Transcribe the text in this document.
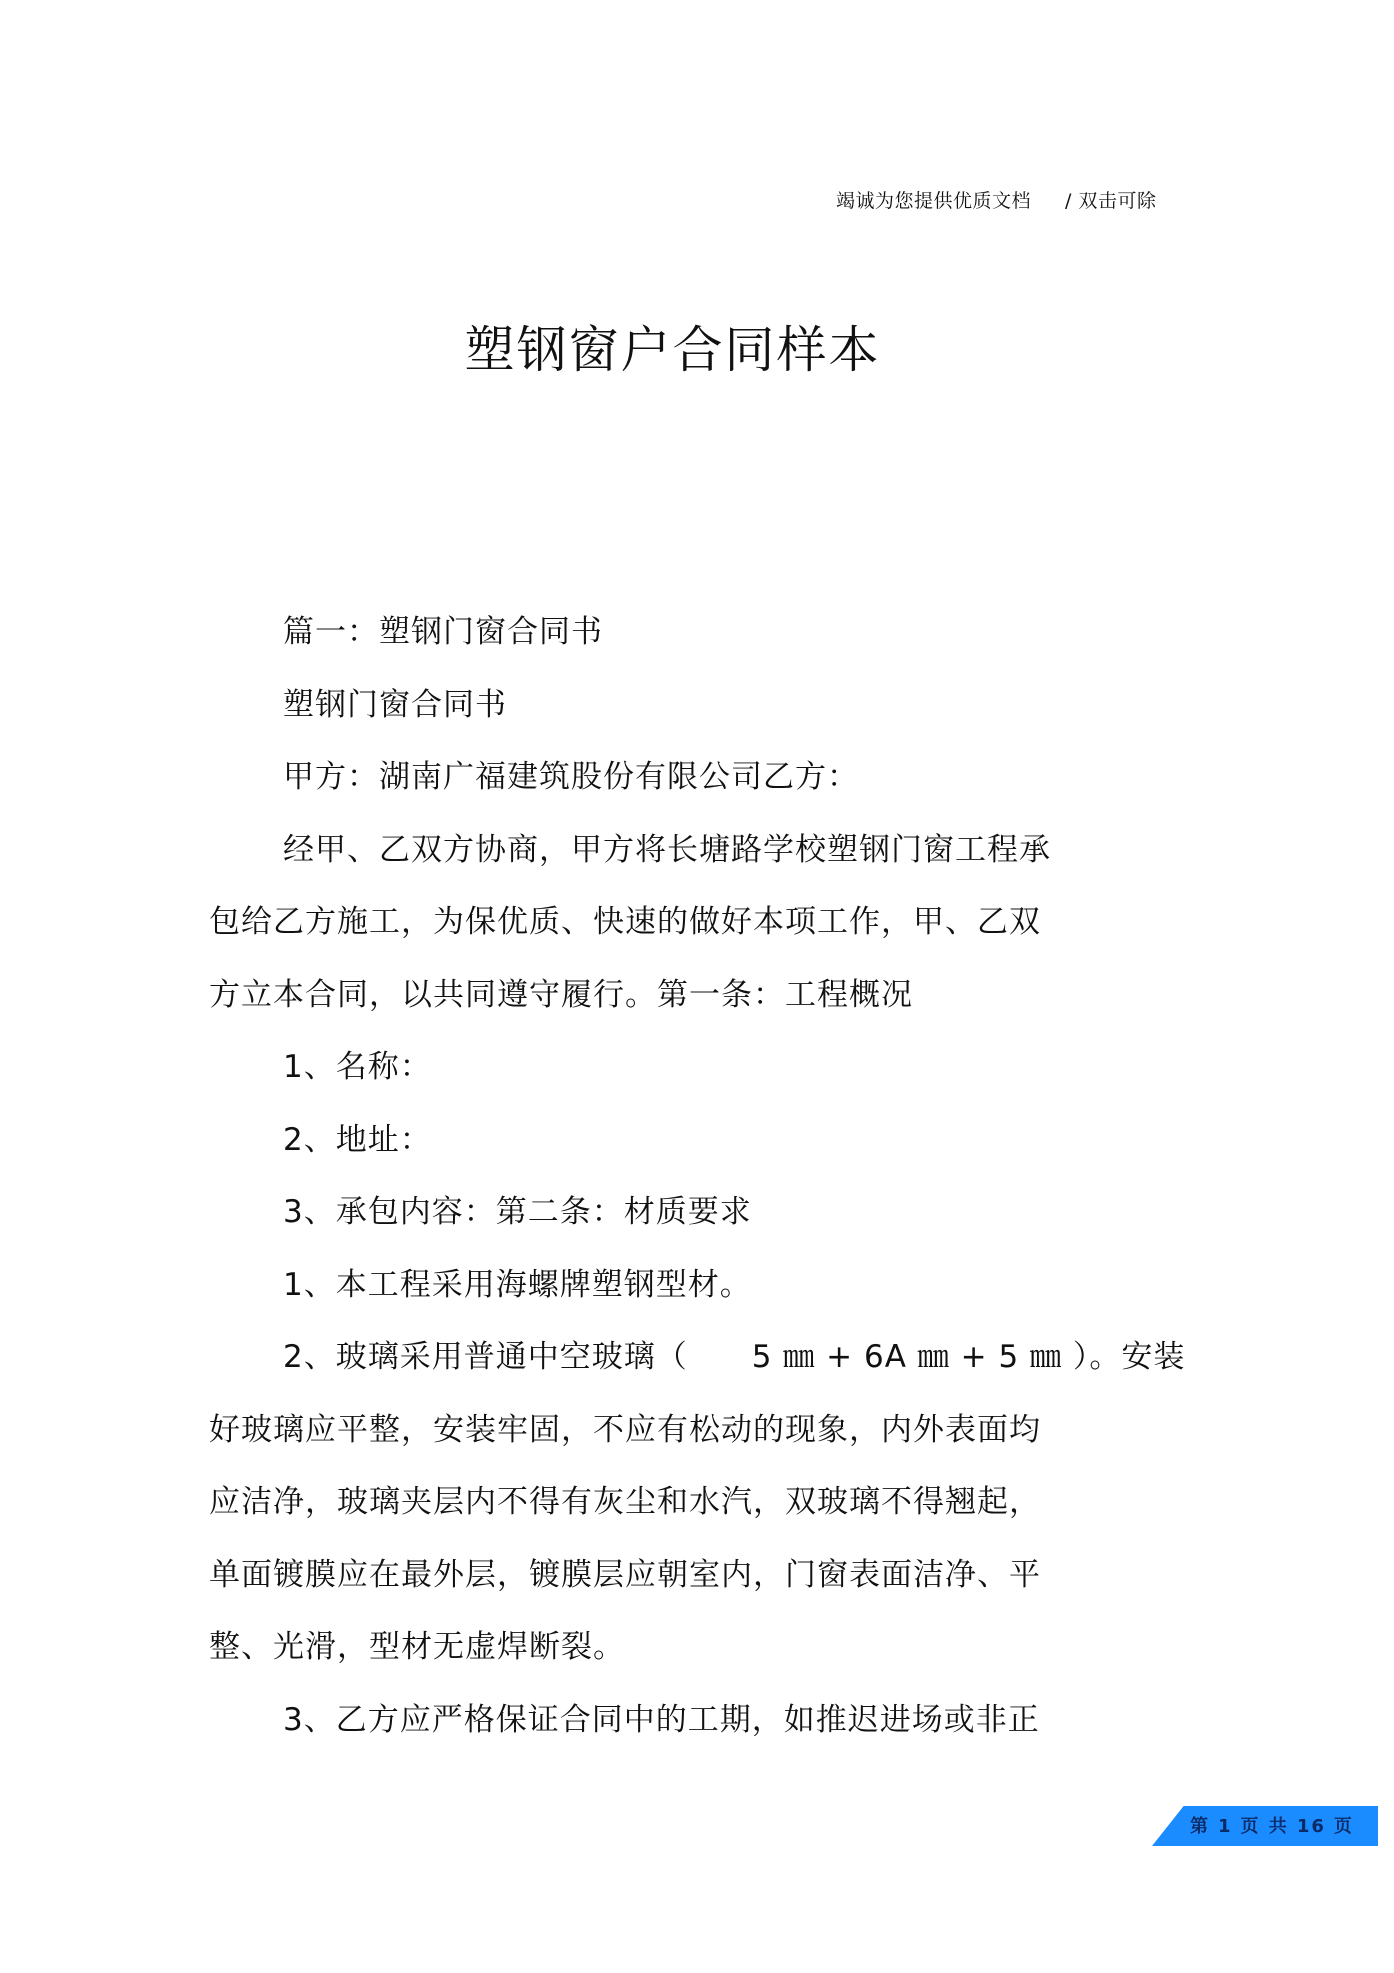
竭诚为您提供优质文档 / 双击可除
塑钢窗户合同样本
篇一：塑钢门窗合同书
塑钢门窗合同书
甲方：湖南广福建筑股份有限公司乙方：
经甲、乙双方协商，甲方将长塘路学校塑钢门窗工程承
包给乙方施工，为保优质、快速的做好本项工作，甲、乙双
方立本合同，以共同遵守履行。第一条：工程概况
1、名称：
2、地址：
3、承包内容：第二条：材质要求
1、本工程采用海螺牌塑钢型材。
2、玻璃采用普通中空玻璃（　　5 ㎜ + 6A ㎜ + 5 ㎜ ）。安装
好玻璃应平整，安装牢固，不应有松动的现象，内外表面均
应洁净，玻璃夹层内不得有灰尘和水汽，双玻璃不得翘起，
单面镀膜应在最外层，镀膜层应朝室内，门窗表面洁净、平
整、光滑，型材无虚焊断裂。
3、乙方应严格保证合同中的工期，如推迟进场或非正
第 1 页 共 16 页
